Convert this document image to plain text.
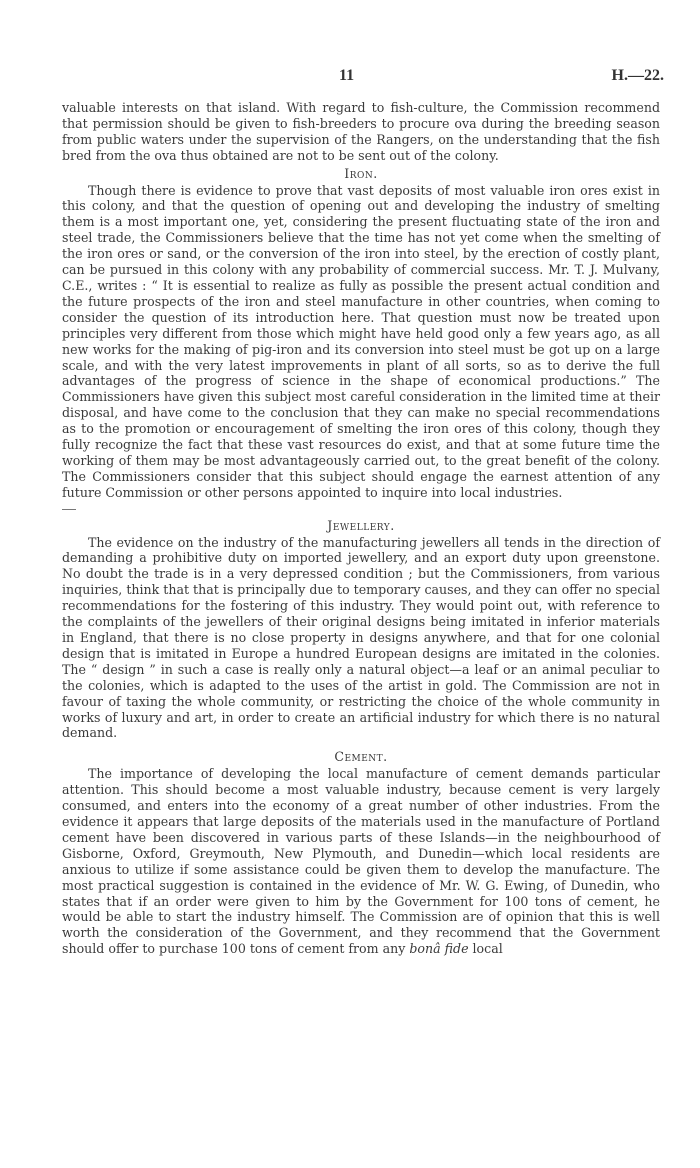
11	H.—22.

valuable interests on that island. With regard to fish-culture, the Commission recommend that permission should be given to fish-breeders to procure ova during the breeding season from public waters under the supervision of the Rangers, on the understanding that the fish bred from the ova thus obtained are not to be sent out of the colony.

Iron.

Though there is evidence to prove that vast deposits of most valuable iron ores exist in this colony, and that the question of opening out and developing the industry of smelting them is a most important one, yet, considering the present fluctuating state of the iron and steel trade, the Commissioners believe that the time has not yet come when the smelting of the iron ores or sand, or the conversion of the iron into steel, by the erection of costly plant, can be pursued in this colony with any probability of commercial success. Mr. T. J. Mulvany, C.E., writes : “ It is essential to realize as fully as possible the present actual condition and the future prospects of the iron and steel manufacture in other countries, when coming to consider the question of its introduction here. That question must now be treated upon principles very different from those which might have held good only a few years ago, as all new works for the making of pig-iron and its conversion into steel must be got up on a large scale, and with the very latest improvements in plant of all sorts, so as to derive the full advantages of the progress of science in the shape of economical productions.” The Commissioners have given this subject most careful consideration in the limited time at their disposal, and have come to the conclusion that they can make no special recommendations as to the promotion or encouragement of smelting the iron ores of this colony, though they fully recognize the fact that these vast resources do exist, and that at some future time the working of them may be most advantageously carried out, to the great benefit of the colony. The Commissioners consider that this subject should engage the earnest attention of any future Commission or other persons appointed to inquire into local industries.

Jewellery.

The evidence on the industry of the manufacturing jewellers all tends in the direction of demanding a prohibitive duty on imported jewellery, and an export duty upon greenstone. No doubt the trade is in a very depressed condition ; but the Commissioners, from various inquiries, think that that is principally due to temporary causes, and they can offer no special recommendations for the fostering of this industry. They would point out, with reference to the complaints of the jewellers of their original designs being imitated in inferior materials in England, that there is no close property in designs anywhere, and that for one colonial design that is imitated in Europe a hundred European designs are imitated in the colonies. The “ design ” in such a case is really only a natural object—a leaf or an animal peculiar to the colonies, which is adapted to the uses of the artist in gold. The Commission are not in favour of taxing the whole community, or restricting the choice of the whole community in works of luxury and art, in order to create an artificial industry for which there is no natural demand.

Cement.

The importance of developing the local manufacture of cement demands particular attention. This should become a most valuable industry, because cement is very largely consumed, and enters into the economy of a great number of other industries. From the evidence it appears that large deposits of the materials used in the manufacture of Portland cement have been discovered in various parts of these Islands—in the neighbourhood of Gisborne, Oxford, Greymouth, New Plymouth, and Dunedin—which local residents are anxious to utilize if some assistance could be given them to develop the manufacture. The most practical suggestion is contained in the evidence of Mr. W. G. Ewing, of Dunedin, who states that if an order were given to him by the Government for 100 tons of cement, he would be able to start the industry himself. The Commission are of opinion that this is well worth the consideration of the Government, and they recommend that the Government should offer to purchase 100 tons of cement from any bonâ fide local
